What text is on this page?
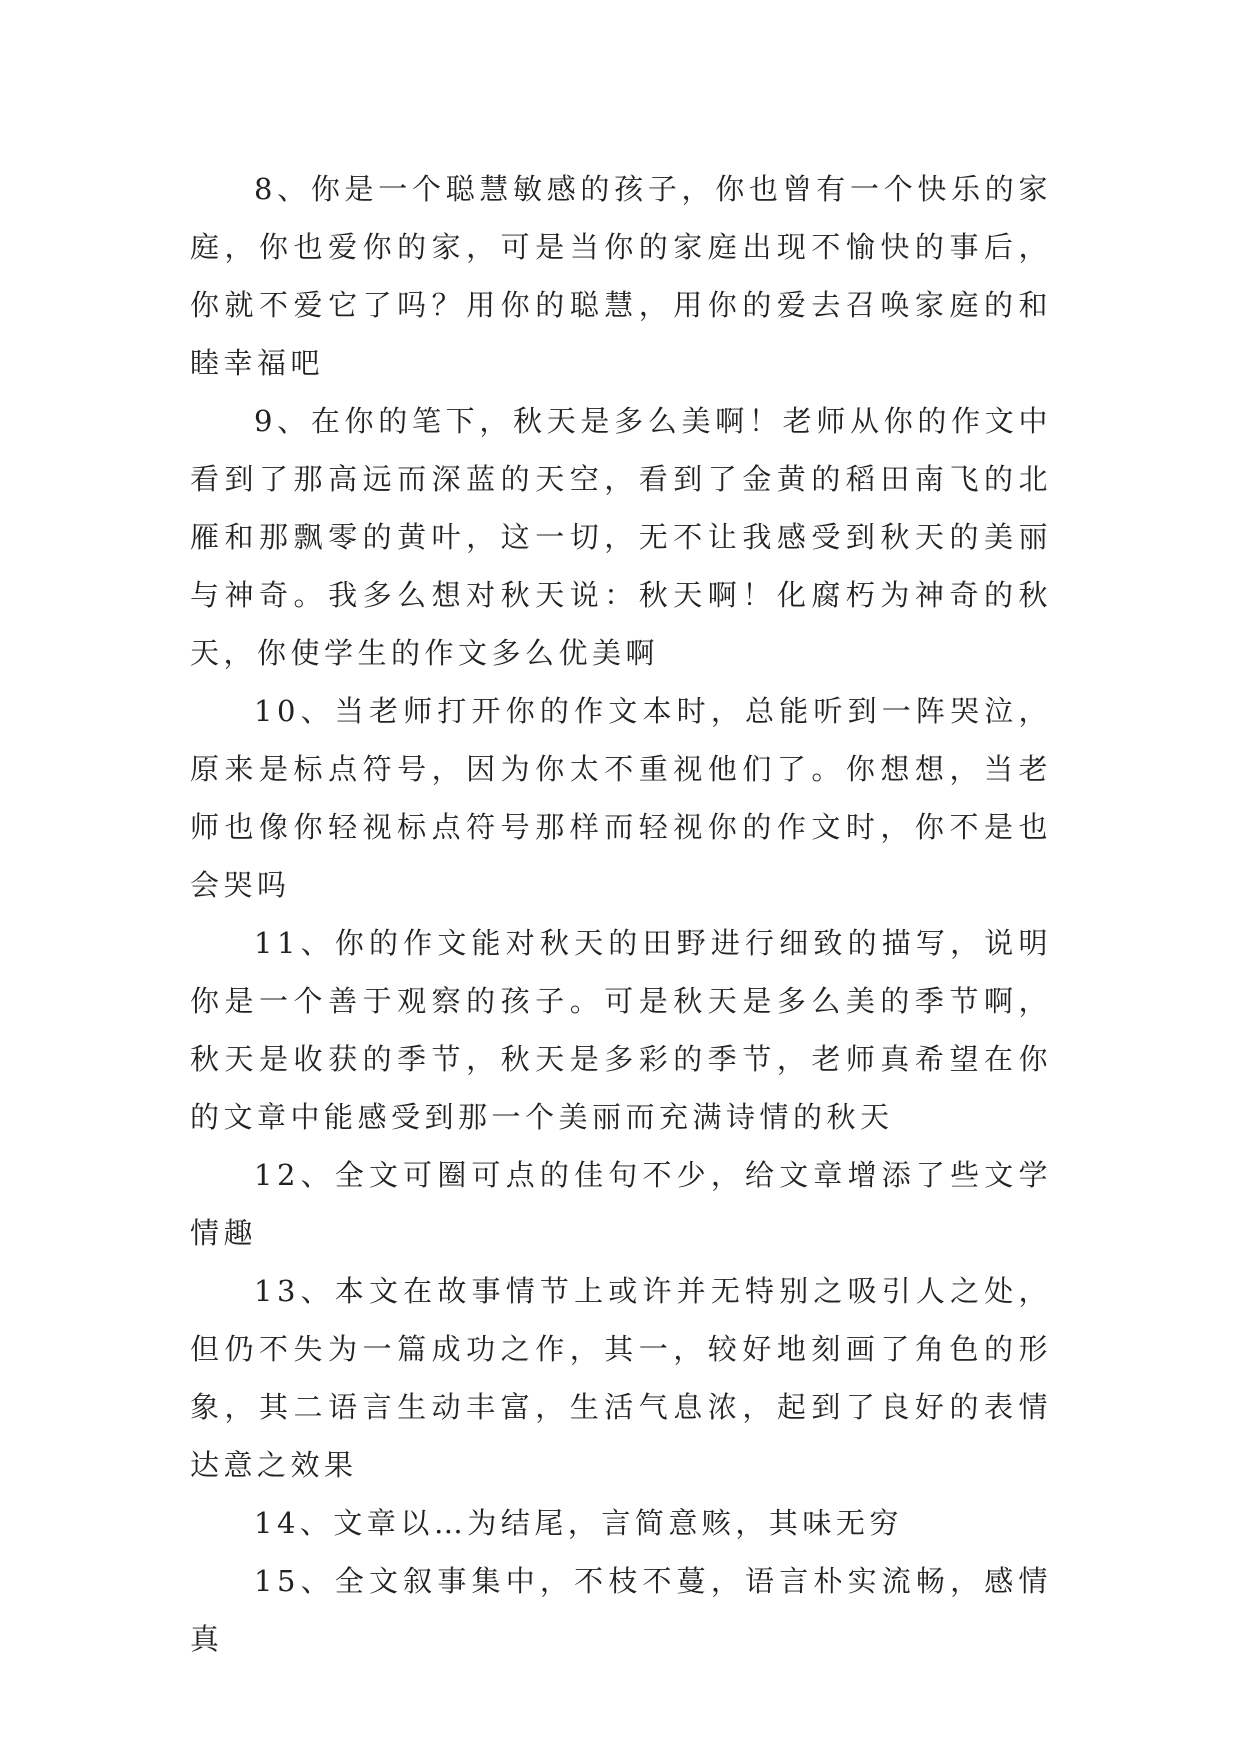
8、你是一个聪慧敏感的孩子，你也曾有一个快乐的家庭，你也爱你的家，可是当你的家庭出现不愉快的事后，你就不爱它了吗？用你的聪慧，用你的爱去召唤家庭的和睦幸福吧

9、在你的笔下，秋天是多么美啊！老师从你的作文中看到了那高远而深蓝的天空，看到了金黄的稻田南飞的北雁和那飘零的黄叶，这一切，无不让我感受到秋天的美丽与神奇。我多么想对秋天说：秋天啊！化腐朽为神奇的秋天，你使学生的作文多么优美啊

10、当老师打开你的作文本时，总能听到一阵哭泣，原来是标点符号，因为你太不重视他们了。你想想，当老师也像你轻视标点符号那样而轻视你的作文时，你不是也会哭吗

11、你的作文能对秋天的田野进行细致的描写，说明你是一个善于观察的孩子。可是秋天是多么美的季节啊，秋天是收获的季节，秋天是多彩的季节，老师真希望在你的文章中能感受到那一个美丽而充满诗情的秋天

12、全文可圈可点的佳句不少，给文章增添了些文学情趣

13、本文在故事情节上或许并无特别之吸引人之处，但仍不失为一篇成功之作，其一，较好地刻画了角色的形象，其二语言生动丰富，生活气息浓，起到了良好的表情达意之效果

14、文章以…为结尾，言简意赅，其味无穷

15、全文叙事集中，不枝不蔓，语言朴实流畅，感情真
